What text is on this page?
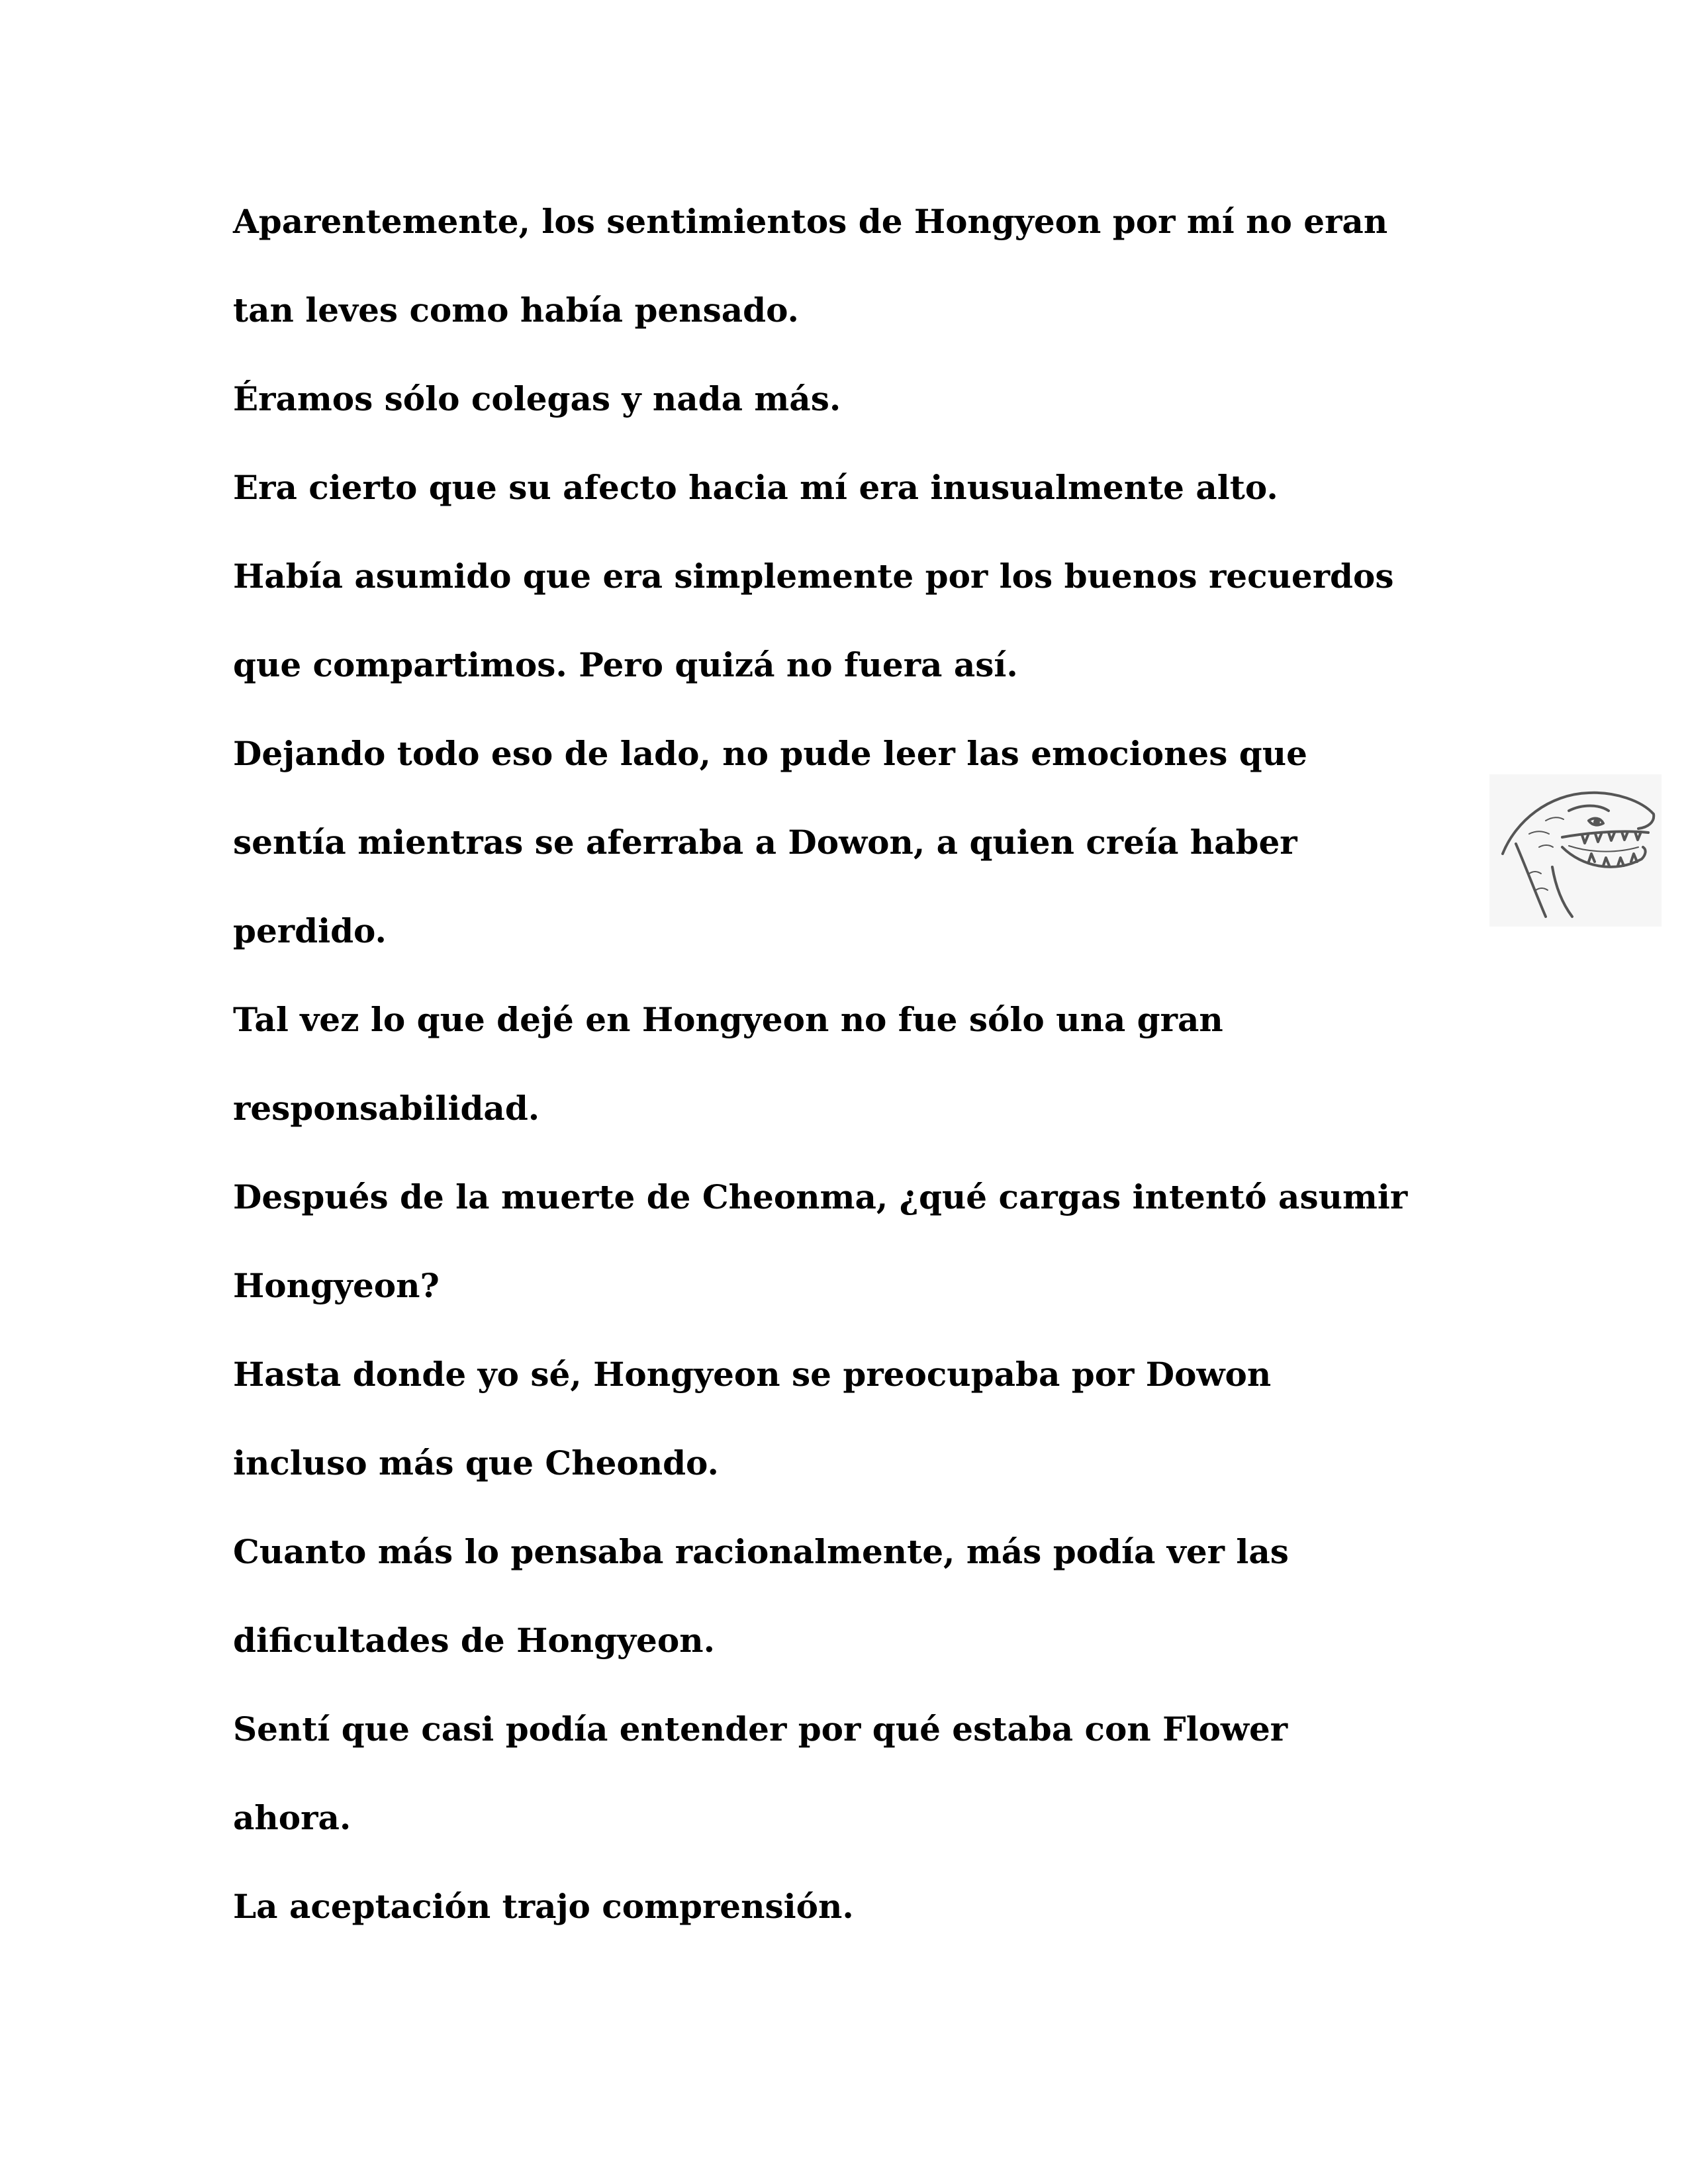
Aparentemente, los sentimientos de Hongyeon por mí no eran
tan leves como había pensado.
Éramos sólo colegas y nada más.
Era cierto que su afecto hacia mí era inusualmente alto.
Había asumido que era simplemente por los buenos recuerdos
que compartimos. Pero quizá no fuera así.
Dejando todo eso de lado, no pude leer las emociones que
sentía mientras se aferraba a Dowon, a quien creía haber
perdido.
Tal vez lo que dejé en Hongyeon no fue sólo una gran
responsabilidad.
Después de la muerte de Cheonma, ¿qué cargas intentó asumir
Hongyeon?
Hasta donde yo sé, Hongyeon se preocupaba por Dowon
incluso más que Cheondo.
Cuanto más lo pensaba racionalmente, más podía ver las
dificultades de Hongyeon.
Sentí que casi podía entender por qué estaba con Flower
ahora.
La aceptación trajo comprensión.
